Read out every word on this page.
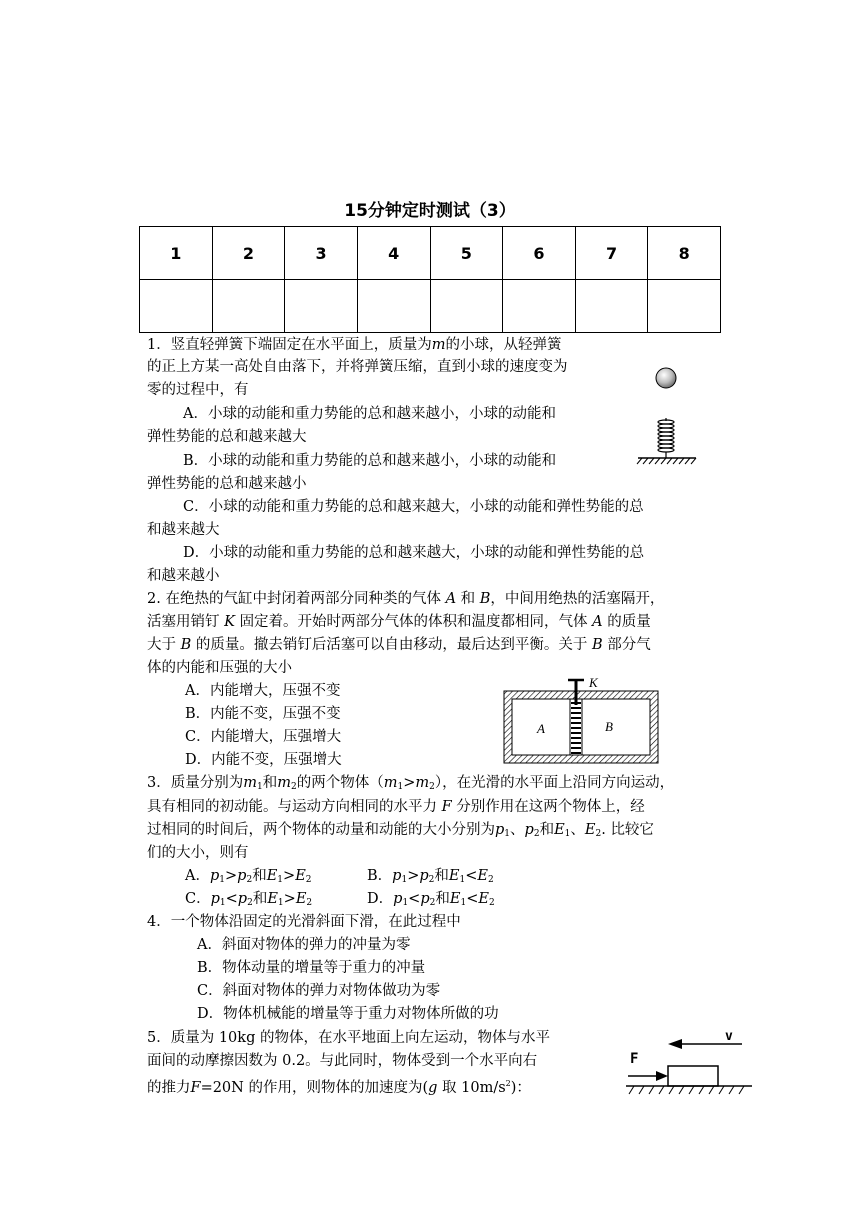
15分钟定时测试（3）
1	2	3	4	5	6	7	8

1．竖直轻弹簧下端固定在水平面上，质量为m的小球，从轻弹簧
的正上方某一高处自由落下，并将弹簧压缩，直到小球的速度变为
零的过程中，有
A．小球的动能和重力势能的总和越来越小，小球的动能和
弹性势能的总和越来越大
B．小球的动能和重力势能的总和越来越小，小球的动能和
弹性势能的总和越来越小
C．小球的动能和重力势能的总和越来越大，小球的动能和弹性势能的总
和越来越大
D．小球的动能和重力势能的总和越来越大，小球的动能和弹性势能的总
和越来越小
2. 在绝热的气缸中封闭着两部分同种类的气体 A 和 B，中间用绝热的活塞隔开，
活塞用销钉 K 固定着。开始时两部分气体的体积和温度都相同，气体 A 的质量
大于 B 的质量。撤去销钉后活塞可以自由移动，最后达到平衡。关于 B 部分气
体的内能和压强的大小
A．内能增大，压强不变
B．内能不变，压强不变
C．内能增大，压强增大
D．内能不变，压强增大
K
A	B
3．质量分别为$m_1$和$m_2$的两个物体$(m_1>m_2)$，在光滑的水平面上沿同方向运动，
具有相同的初动能。与运动方向相同的水平力 F 分别作用在这两个物体上，经
过相同的时间后，两个物体的动量和动能的大小分别为$p_1$、$p_2$和$E_1$、$E_2$. 比较它
们的大小，则有
A．$p_1>p_2$和$E_1>E_2$	B．$p_1>p_2$和$E_1<E_2$
C．$p_1<p_2$和$E_1>E_2$	D．$p_1<p_2$和$E_1<E_2$
4．一个物体沿固定的光滑斜面下滑，在此过程中
A．斜面对物体的弹力的冲量为零
B．物体动量的增量等于重力的冲量
C．斜面对物体的弹力对物体做功为零
D．物体机械能的增量等于重力对物体所做的功
5．质量为 10kg 的物体，在水平地面上向左运动，物体与水平
面间的动摩擦因数为 0.2。与此同时，物体受到一个水平向右
的推力F=20N 的作用，则物体的加速度为(g 取 $10m/s^2$)：
v
F
